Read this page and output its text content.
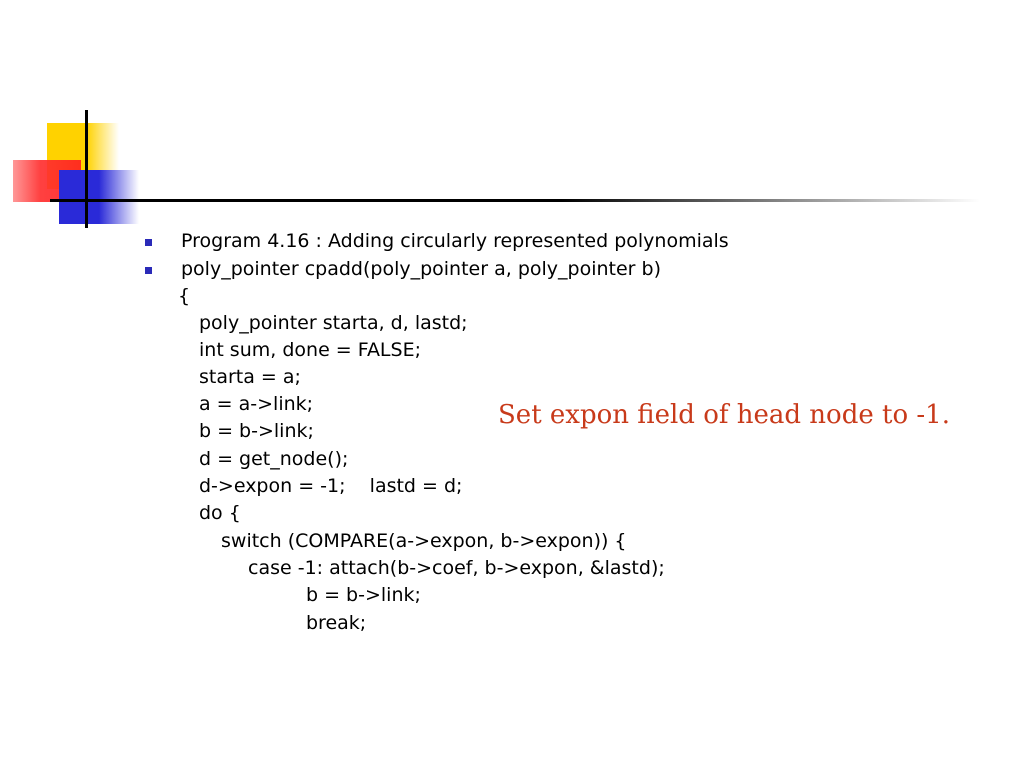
Program 4.16 : Adding circularly represented polynomials
poly_pointer cpadd(poly_pointer a, poly_pointer b)
{
poly_pointer starta, d, lastd;
int sum, done = FALSE;
starta = a;
a = a->link;
b = b->link;
d = get_node();
d->expon = -1;    lastd = d;
do {
switch (COMPARE(a->expon, b->expon)) {
case -1: attach(b->coef, b->expon, &lastd);
b = b->link;
break;
Set expon field of head node to -1.
